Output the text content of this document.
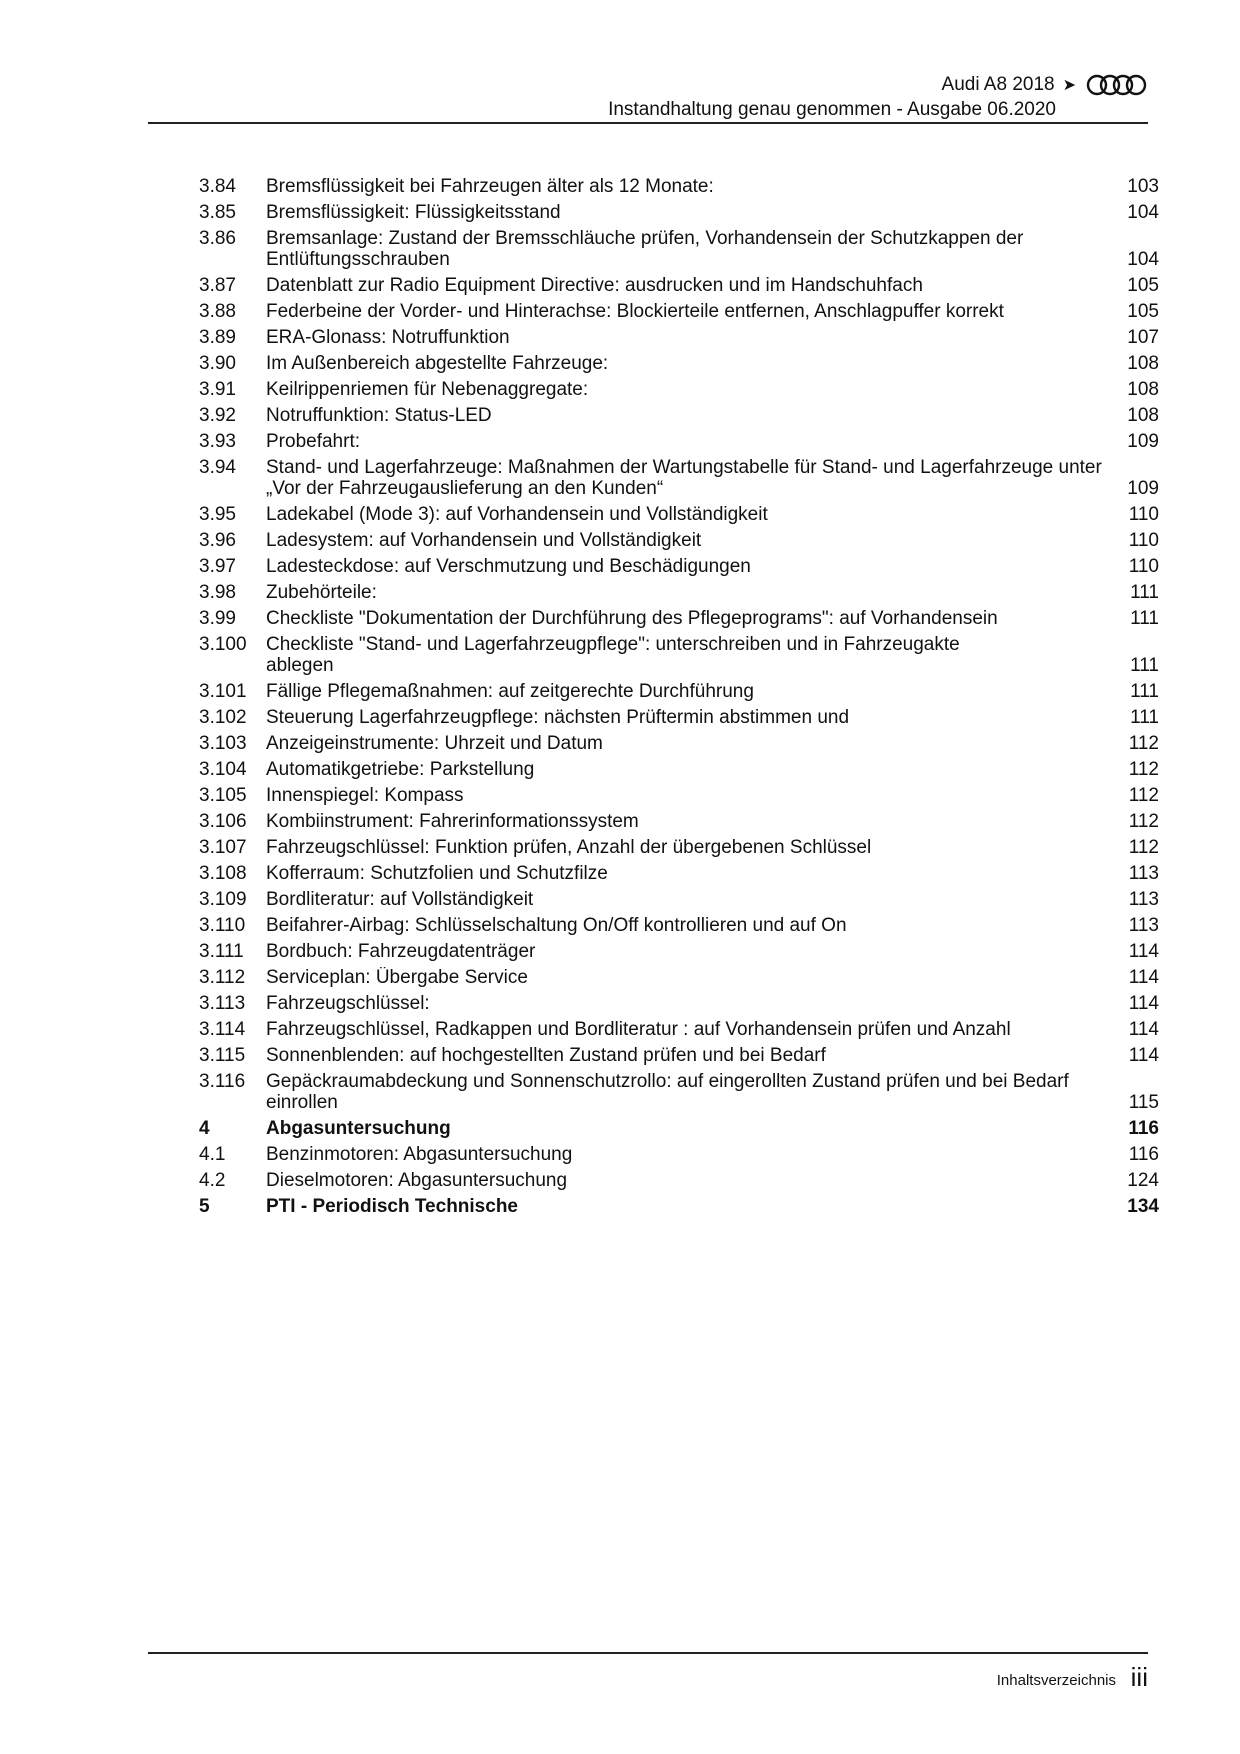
Audi A8 2018 ➤
Instandhaltung genau genommen - Ausgabe 06.2020
3.84	Bremsflüssigkeit bei Fahrzeugen älter als 12 Monate: . . .	103
3.85	Bremsflüssigkeit: Flüssigkeitsstand . . .	104
3.86	Bremsanlage: Zustand der Bremsschläuche prüfen, Vorhandensein der Schutzkappen der Entlüftungsschrauben . . .	104
3.87	Datenblatt zur Radio Equipment Directive: ausdrucken und im Handschuhfach . . .	105
3.88	Federbeine der Vorder- und Hinterachse: Blockierteile entfernen, Anschlagpuffer korrekt . . .	105
3.89	ERA-Glonass: Notruffunktion . . .	107
3.90	Im Außenbereich abgestellte Fahrzeuge: . . .	108
3.91	Keilrippenriemen für Nebenaggregate: . . .	108
3.92	Notruffunktion: Status-LED . . .	108
3.93	Probefahrt: . . .	109
3.94	Stand- und Lagerfahrzeuge: Maßnahmen der Wartungstabelle für Stand- und Lagerfahrzeuge unter „Vor der Fahrzeugauslieferung an den Kunden“ . . .	109
3.95	Ladekabel (Mode 3): auf Vorhandensein und Vollständigkeit . . .	110
3.96	Ladesystem: auf Vorhandensein und Vollständigkeit . . .	110
3.97	Ladesteckdose: auf Verschmutzung und Beschädigungen . . .	110
3.98	Zubehörteile: . . .	111
3.99	Checkliste "Dokumentation der Durchführung des Pflegeprograms": auf Vorhandensein . . .	111
3.100	Checkliste "Stand- und Lagerfahrzeugpflege": unterschreiben und in Fahrzeugakte ablegen . . .	111
3.101	Fällige Pflegemaßnahmen: auf zeitgerechte Durchführung . . .	111
3.102	Steuerung Lagerfahrzeugpflege: nächsten Prüftermin abstimmen und . . .	111
3.103	Anzeigeinstrumente: Uhrzeit und Datum . . .	112
3.104	Automatikgetriebe: Parkstellung . . .	112
3.105	Innenspiegel: Kompass . . .	112
3.106	Kombiinstrument: Fahrerinformationssystem . . .	112
3.107	Fahrzeugschlüssel: Funktion prüfen, Anzahl der übergebenen Schlüssel . . .	112
3.108	Kofferraum: Schutzfolien und Schutzfilze . . .	113
3.109	Bordliteratur: auf Vollständigkeit . . .	113
3.110	Beifahrer-Airbag: Schlüsselschaltung On/Off kontrollieren und auf On . . .	113
3.111	Bordbuch: Fahrzeugdatenträger . . .	114
3.112	Serviceplan: Übergabe Service . . .	114
3.113	Fahrzeugschlüssel: . . .	114
3.114	Fahrzeugschlüssel, Radkappen und Bordliteratur : auf Vorhandensein prüfen und Anzahl . . .	114
3.115	Sonnenblenden: auf hochgestellten Zustand prüfen und bei Bedarf . . .	114
3.116	Gepäckraumabdeckung und Sonnenschutzrollo: auf eingerollten Zustand prüfen und bei Bedarf einrollen . . .	115
4	Abgasuntersuchung . . .	116
4.1	Benzinmotoren: Abgasuntersuchung . . .	116
4.2	Dieselmotoren: Abgasuntersuchung . . .	124
5	PTI - Periodisch Technische . . .	134
Inhaltsverzeichnis iii
